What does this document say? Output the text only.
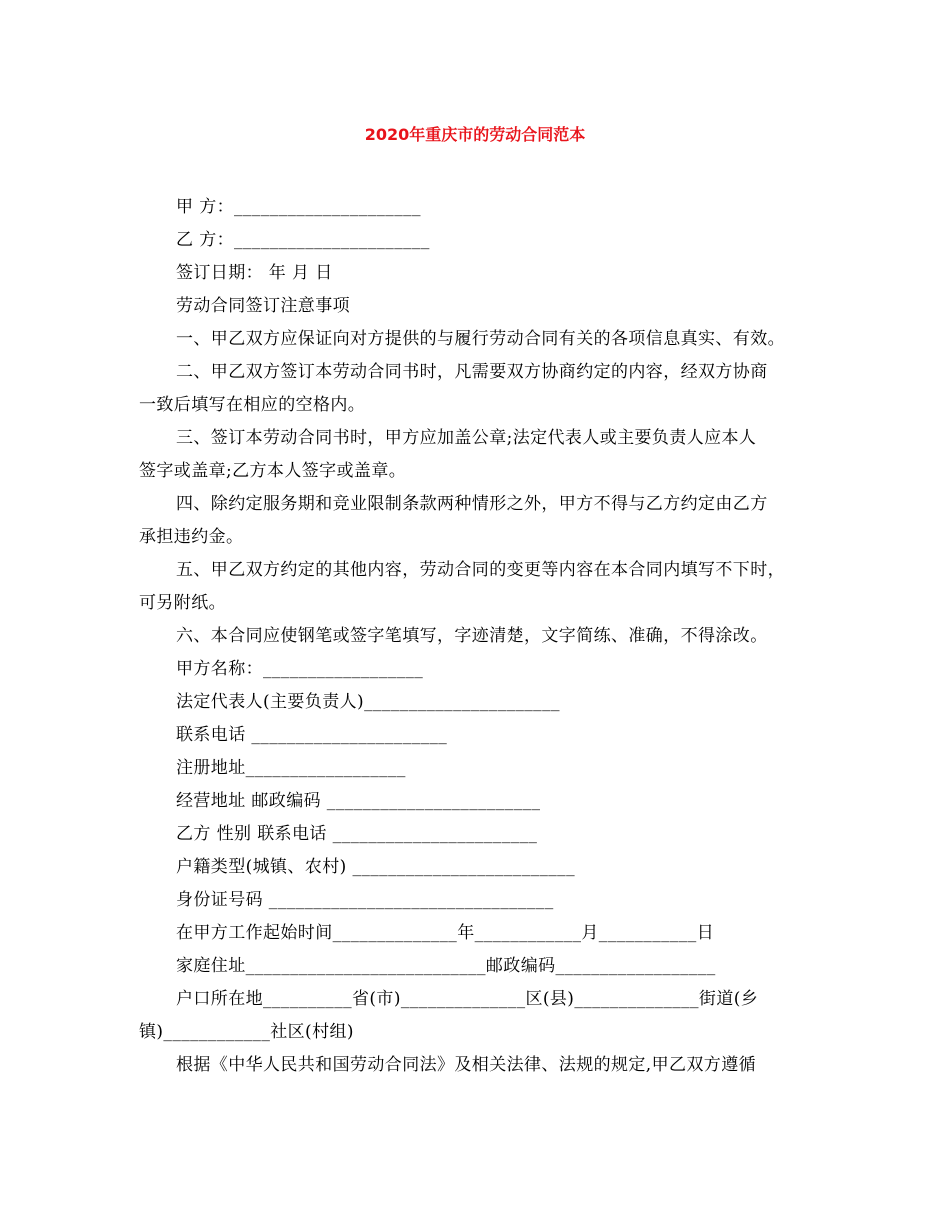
2020年重庆市的劳动合同范本
甲 方：_____________________
乙 方：______________________
签订日期： 年 月 日
劳动合同签订注意事项
一、甲乙双方应保证向对方提供的与履行劳动合同有关的各项信息真实、有效。
二、甲乙双方签订本劳动合同书时，凡需要双方协商约定的内容，经双方协商
一致后填写在相应的空格内。
三、签订本劳动合同书时，甲方应加盖公章;法定代表人或主要负责人应本人
签字或盖章;乙方本人签字或盖章。
四、除约定服务期和竞业限制条款两种情形之外，甲方不得与乙方约定由乙方
承担违约金。
五、甲乙双方约定的其他内容，劳动合同的变更等内容在本合同内填写不下时，
可另附纸。
六、本合同应使钢笔或签字笔填写，字迹清楚，文字简练、准确，不得涂改。
甲方名称：__________________
法定代表人(主要负责人)______________________
联系电话 ______________________
注册地址__________________
经营地址 邮政编码 ________________________
乙方 性别 联系电话 _______________________
户籍类型(城镇、农村) _________________________
身份证号码 ________________________________
在甲方工作起始时间______________年____________月___________日
家庭住址___________________________邮政编码__________________
户口所在地__________省(市)______________区(县)______________街道(乡
镇)____________社区(村组)
根据《中华人民共和国劳动合同法》及相关法律、法规的规定,甲乙双方遵循
